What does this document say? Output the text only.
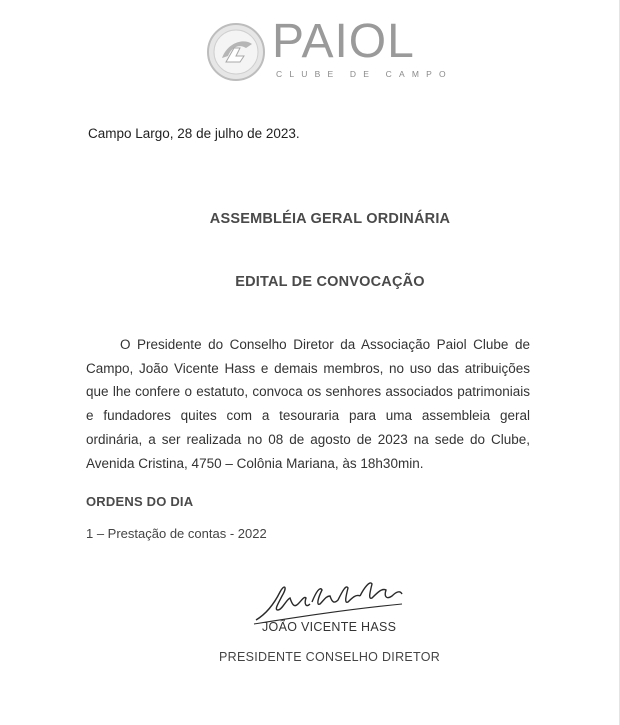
PAIOL
CLUBE DE CAMPO
Campo Largo, 28 de julho de 2023.
ASSEMBLÉIA GERAL ORDINÁRIA
EDITAL DE CONVOCAÇÃO
O Presidente do Conselho Diretor da Associação Paiol Clube de Campo, João Vicente Hass e demais membros, no uso das atribuições que lhe confere o estatuto, convoca os senhores associados patrimoniais e fundadores quites com a tesouraria para uma assembleia geral ordinária, a ser realizada no 08 de agosto de 2023 na sede do Clube, Avenida Cristina, 4750 – Colônia Mariana, às 18h30min.
ORDENS DO DIA
1 – Prestação de contas - 2022
JOÃO VICENTE HASS
PRESIDENTE CONSELHO DIRETOR
